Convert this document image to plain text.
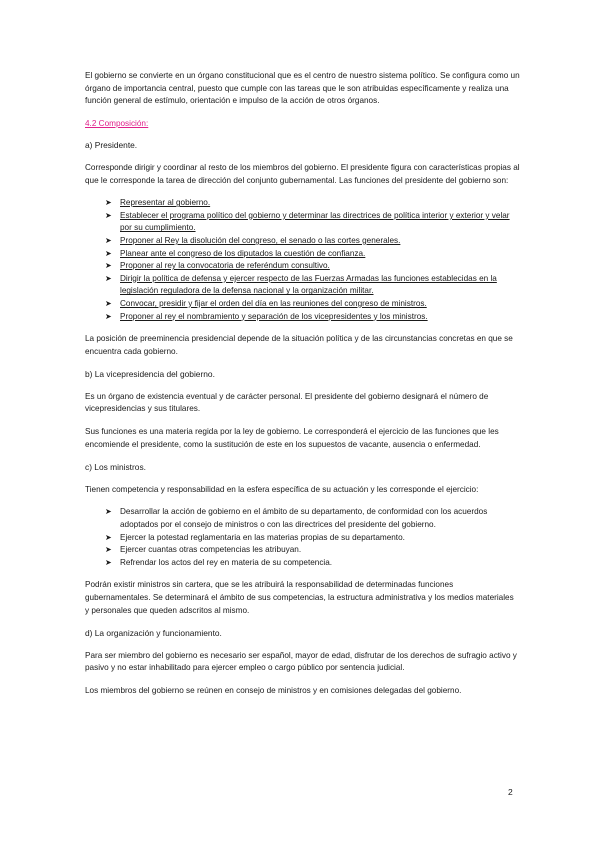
El gobierno se convierte en un órgano constitucional que es el centro de nuestro sistema político. Se configura como un órgano de importancia central, puesto que cumple con las tareas que le son atribuidas específicamente y realiza una función general de estímulo, orientación e impulso de la acción de otros órganos.

4.2 Composición:

a) Presidente.

Corresponde dirigir y coordinar al resto de los miembros del gobierno. El presidente figura con características propias al que le corresponde la tarea de dirección del conjunto gubernamental. Las funciones del presidente del gobierno son:

➤ Representar al gobierno.
➤ Establecer el programa político del gobierno y determinar las directrices de política interior y exterior y velar por su cumplimiento.
➤ Proponer al Rey la disolución del congreso, el senado o las cortes generales.
➤ Planear ante el congreso de los diputados la cuestión de confianza.
➤ Proponer al rey la convocatoria de referéndum consultivo.
➤ Dirigir la política de defensa y ejercer respecto de las Fuerzas Armadas las funciones establecidas en la legislación reguladora de la defensa nacional y la organización militar.
➤ Convocar, presidir y fijar el orden del día en las reuniones del congreso de ministros.
➤ Proponer al rey el nombramiento y separación de los vicepresidentes y los ministros.

La posición de preeminencia presidencial depende de la situación política y de las circunstancias concretas en que se encuentra cada gobierno.

b) La vicepresidencia del gobierno.

Es un órgano de existencia eventual y de carácter personal. El presidente del gobierno designará el número de vicepresidencias y sus titulares.

Sus funciones es una materia regida por la ley de gobierno. Le corresponderá el ejercicio de las funciones que les encomiende el presidente, como la sustitución de este en los supuestos de vacante, ausencia o enfermedad.

c) Los ministros.

Tienen competencia y responsabilidad en la esfera específica de su actuación y les corresponde el ejercicio:

➤ Desarrollar la acción de gobierno en el ámbito de su departamento, de conformidad con los acuerdos adoptados por el consejo de ministros o con las directrices del presidente del gobierno.
➤ Ejercer la potestad reglamentaria en las materias propias de su departamento.
➤ Ejercer cuantas otras competencias les atribuyan.
➤ Refrendar los actos del rey en materia de su competencia.

Podrán existir ministros sin cartera, que se les atribuirá la responsabilidad de determinadas funciones gubernamentales. Se determinará el ámbito de sus competencias, la estructura administrativa y los medios materiales y personales que queden adscritos al mismo.

d) La organización y funcionamiento.

Para ser miembro del gobierno es necesario ser español, mayor de edad, disfrutar de los derechos de sufragio activo y pasivo y no estar inhabilitado para ejercer empleo o cargo público por sentencia judicial.

Los miembros del gobierno se reúnen en consejo de ministros y en comisiones delegadas del gobierno.

2
